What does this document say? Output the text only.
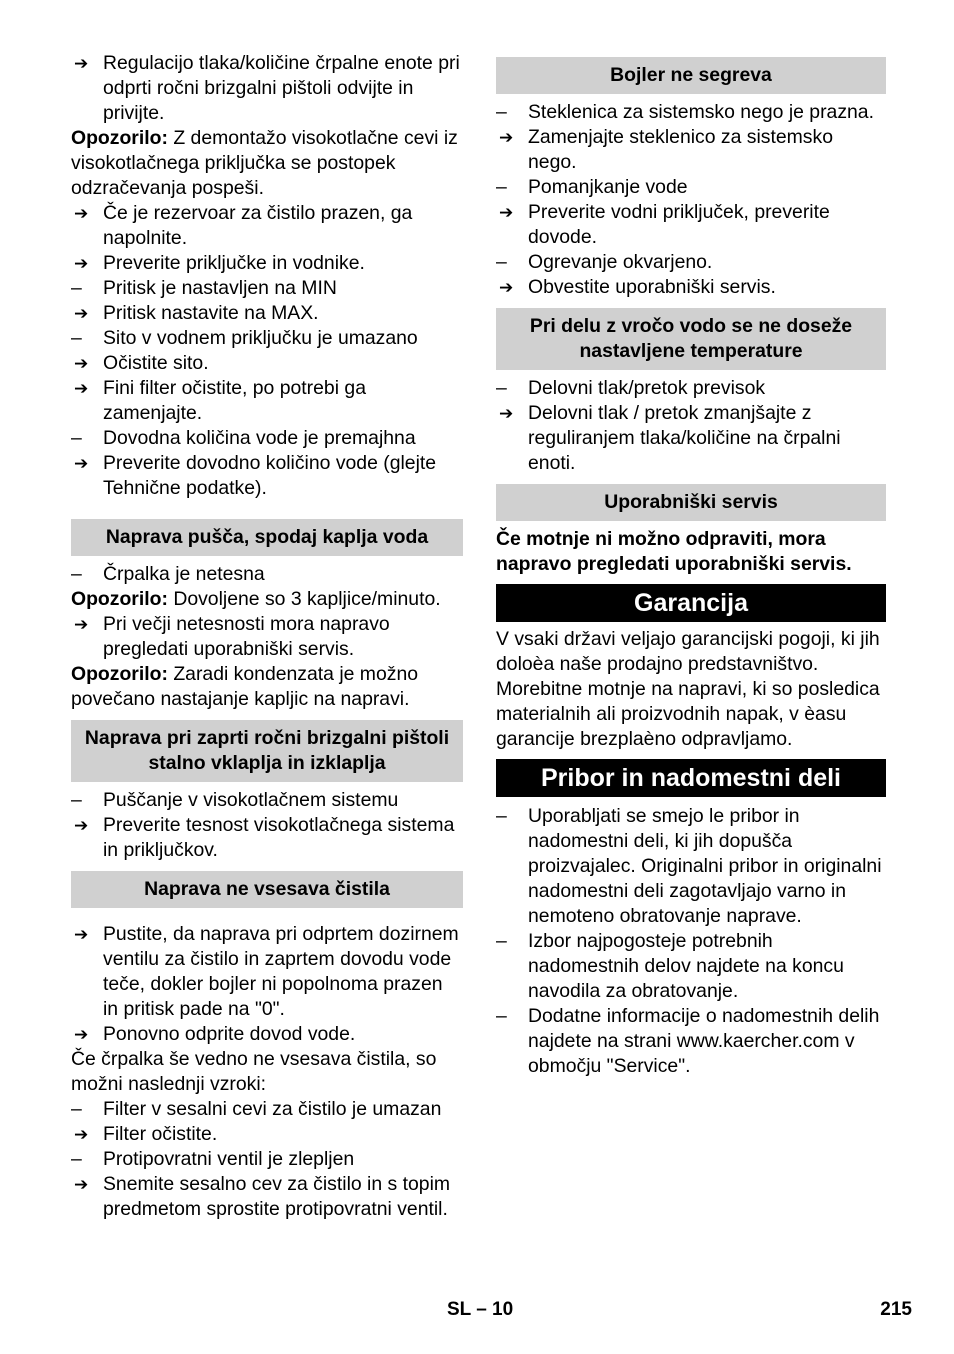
➔ Regulacijo tlaka/količine črpalne enote pri odprti ročni brizgalni pištoli odvijte in privijte.

Opozorilo: Z demontažo visokotlačne cevi iz visokotlačnega priključka se postopek odzračevanja pospeši.

➔ Če je rezervoar za čistilo prazen, ga napolnite.
➔ Preverite priključke in vodnike.
–	Pritisk je nastavljen na MIN
➔ Pritisk nastavite na MAX.
–	Sito v vodnem priključku je umazano
➔ Očistite sito.
➔ Fini filter očistite, po potrebi ga zamenjajte.
–	Dovodna količina vode je premajhna
➔ Preverite dovodno količino vode (glejte Tehnične podatke).
Naprava pušča, spodaj kaplja voda
–	Črpalka je netesna

Opozorilo: Dovoljene so 3 kapljice/minuto.

➔ Pri večji netesnosti mora napravo pregledati uporabniški servis.

Opozorilo: Zaradi kondenzata je možno povečano nastajanje kapljic na napravi.

Naprava pri zaprti ročni brizgalni pištoli stalno vklaplja in izklaplja
–	Puščanje v visokotlačnem sistemu
➔ Preverite tesnost visokotlačnega sistema in priključkov.
Naprava ne vsesava čistila
➔ Pustite, da naprava pri odprtem dozirnem ventilu za čistilo in zaprtem dovodu vode teče, dokler bojler ni popolnoma prazen in pritisk pade na "0".
➔ Ponovno odprite dovod vode.

Če črpalka še vedno ne vsesava čistila, so možni naslednji vzroki:

–	Filter v sesalni cevi za čistilo je umazan
➔ Filter očistite.
–	Protipovratni ventil je zlepljen
➔ Snemite sesalno cev za čistilo in s topim predmetom sprostite protipovratni ventil.
Bojler ne segreva
–	Steklenica za sistemsko nego je prazna.
➔ Zamenjajte steklenico za sistemsko nego.
–	Pomanjkanje vode
➔ Preverite vodni priključek, preverite dovode.
–	Ogrevanje okvarjeno.
➔ Obvestite uporabniški servis.
Pri delu z vročo vodo se ne doseže nastavljene temperature
–	Delovni tlak/pretok previsok
➔ Delovni tlak / pretok zmanjšajte z reguliranjem tlaka/količine na črpalni enoti.
Uporabniški servis

Če motnje ni možno odpraviti, mora napravo pregledati uporabniški servis.

Garancija

V vsaki državi veljajo garancijski pogoji, ki jih doloèa naše prodajno predstavništvo. Morebitne motnje na napravi, ki so posledica materialnih ali proizvodnih napak, v èasu garancije brezplaèno odpravljamo.

Pribor in nadomestni deli
–	Uporabljati se smejo le pribor in nadomestni deli, ki jih dopušča proizvajalec. Originalni pribor in originalni nadomestni deli zagotavljajo varno in nemoteno obratovanje naprave.
–	Izbor najpogosteje potrebnih nadomestnih delov najdete na koncu navodila za obratovanje.
–	Dodatne informacije o nadomestnih delih najdete na strani www.kaercher.com v območju "Service".
SL – 10	215
